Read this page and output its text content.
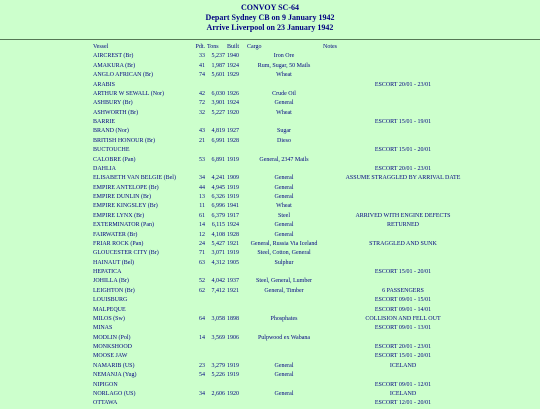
CONVOY SC-64
Depart Sydney CB on 9 January 1942
Arrive Liverpool on 23 January 1942
Vessel	Pdt.	Tons	Built	Cargo	Notes
AIRCREST (Br)	33	5,237	1940	Iron Ore	
AMAKURA (Br)	41	1,987	1924	Rum, Sugar, 50 Mails	
ANGLO AFRICAN (Br)	74	5,601	1929	Wheat	
ARABIS					ESCORT 20/01 - 23/01
ARTHUR W SEWALL (Nor)	42	6,030	1926	Crude Oil	
ASHBURY (Br)	72	3,901	1924	General	
ASHWORTH (Br)	32	5,227	1920	Wheat	
BARRIE					ESCORT 15/01 - 19/01
BRAND (Nor)	43	4,819	1927	Sugar	
BRITISH HONOUR (Br)	21	6,991	1928	Dieso	
BUCTOUCHE					ESCORT 15/01 - 20/01
CALOBRE (Pan)	53	6,891	1919	General, 2347 Mails	
DAHLIA					ESCORT 20/01 - 23/01
ELISABETH VAN BELGIE (Bel)	34	4,241	1909	General	ASSUME STRAGGLED BY ARRIVAL DATE
EMPIRE ANTELOPE (Br)	44	4,945	1919	General	
EMPIRE DUNLIN (Br)	13	6,326	1919	General	
EMPIRE KINGSLEY (Br)	11	6,996	1941	Wheat	
EMPIRE LYNX (Br)	61	6,379	1917	Steel	ARRIVED WITH ENGINE DEFECTS
EXTERMINATOR (Pan)	14	6,115	1924	General	RETURNED
FAIRWATER (Br)	12	4,108	1928	General	
FRIAR ROCK (Pan)	24	5,427	1921	General, Russia Via Iceland	STRAGGLED AND SUNK
GLOUCESTER CITY (Br)	71	3,071	1919	Steel, Cotton, General	
HAINAUT (Bel)	63	4,312	1905	Sulphur	
HEPATICA					ESCORT 15/01 - 20/01
JOHILLA (Br)	52	4,042	1937	Steel, General, Lumber	
LEIGHTON (Br)	62	7,412	1921	General, Timber	6 PASSENGERS
LOUISBURG					ESCORT 09/01 - 15/01
MALPEQUE					ESCORT 09/01 - 14/01
MILOS (Sw)	64	3,058	1898	Phosphates	COLLISION AND FELL OUT
MINAS					ESCORT 09/01 - 13/01
MODLIN (Pol)	14	3,569	1906	Pulpwood ex Wabana	
MONKSHOOD					ESCORT 20/01 - 23/01
MOOSE JAW					ESCORT 15/01 - 20/01
NAMARIB (US)	23	3,279	1919	General	ICELAND
NEMANJA (Yug)	54	5,226	1919	General	
NIPIGON					ESCORT 09/01 - 12/01
NORLAGO (US)	34	2,606	1920	General	ICELAND
OTTAWA					ESCORT 12/01 - 20/01
